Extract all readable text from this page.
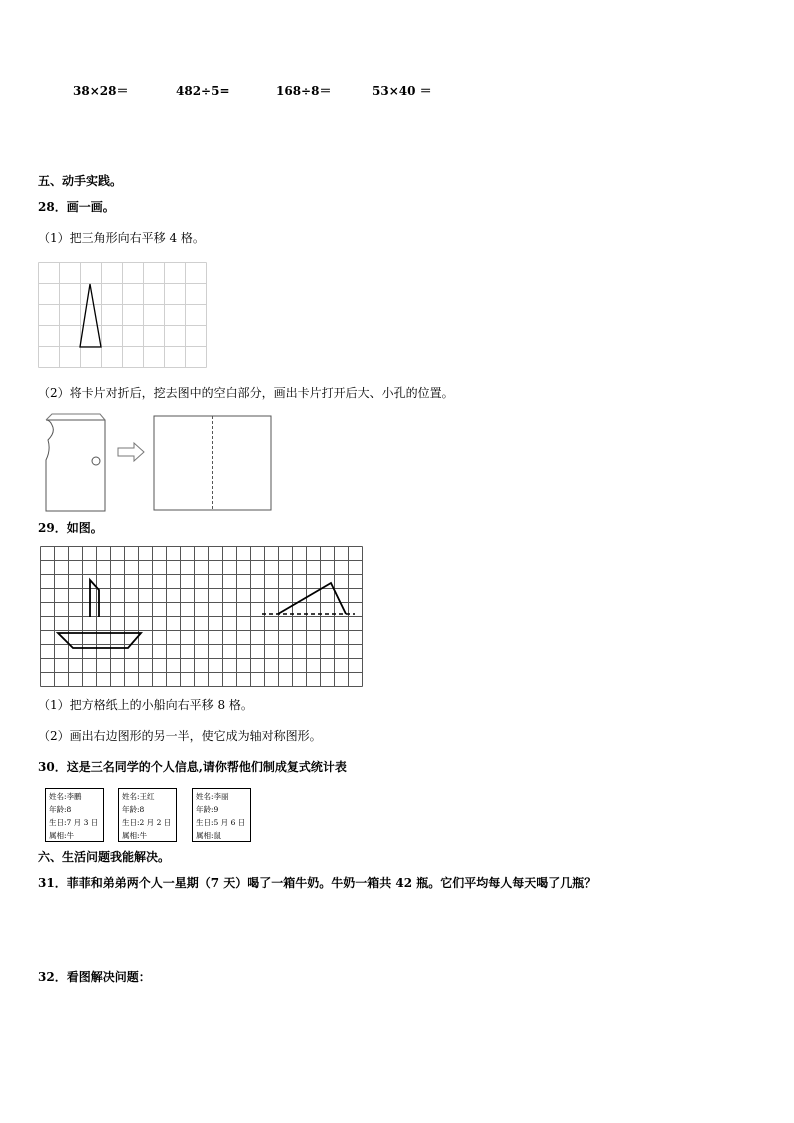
38×28＝	482÷5=	168÷8＝	53×40 ＝
五、动手实践。
28．画一画。
（1）把三角形向右平移 4 格。
（2）将卡片对折后，挖去图中的空白部分，画出卡片打开后大、小孔的位置。
29．如图。
（1）把方格纸上的小船向右平移 8 格。
（2）画出右边图形的另一半，使它成为轴对称图形。
30．这是三名同学的个人信息,请你帮他们制成复式统计表
姓名:李鹏
年龄:8
生日:7 月 3 日
属相:牛
姓名:王红
年龄:8
生日:2 月 2 日
属相:牛
姓名:李丽
年龄:9
生日:5 月 6 日
属相:鼠
六、生活问题我能解决。
31．菲菲和弟弟两个人一星期（7 天）喝了一箱牛奶。牛奶一箱共 42 瓶。它们平均每人每天喝了几瓶？
32．看图解决问题：
